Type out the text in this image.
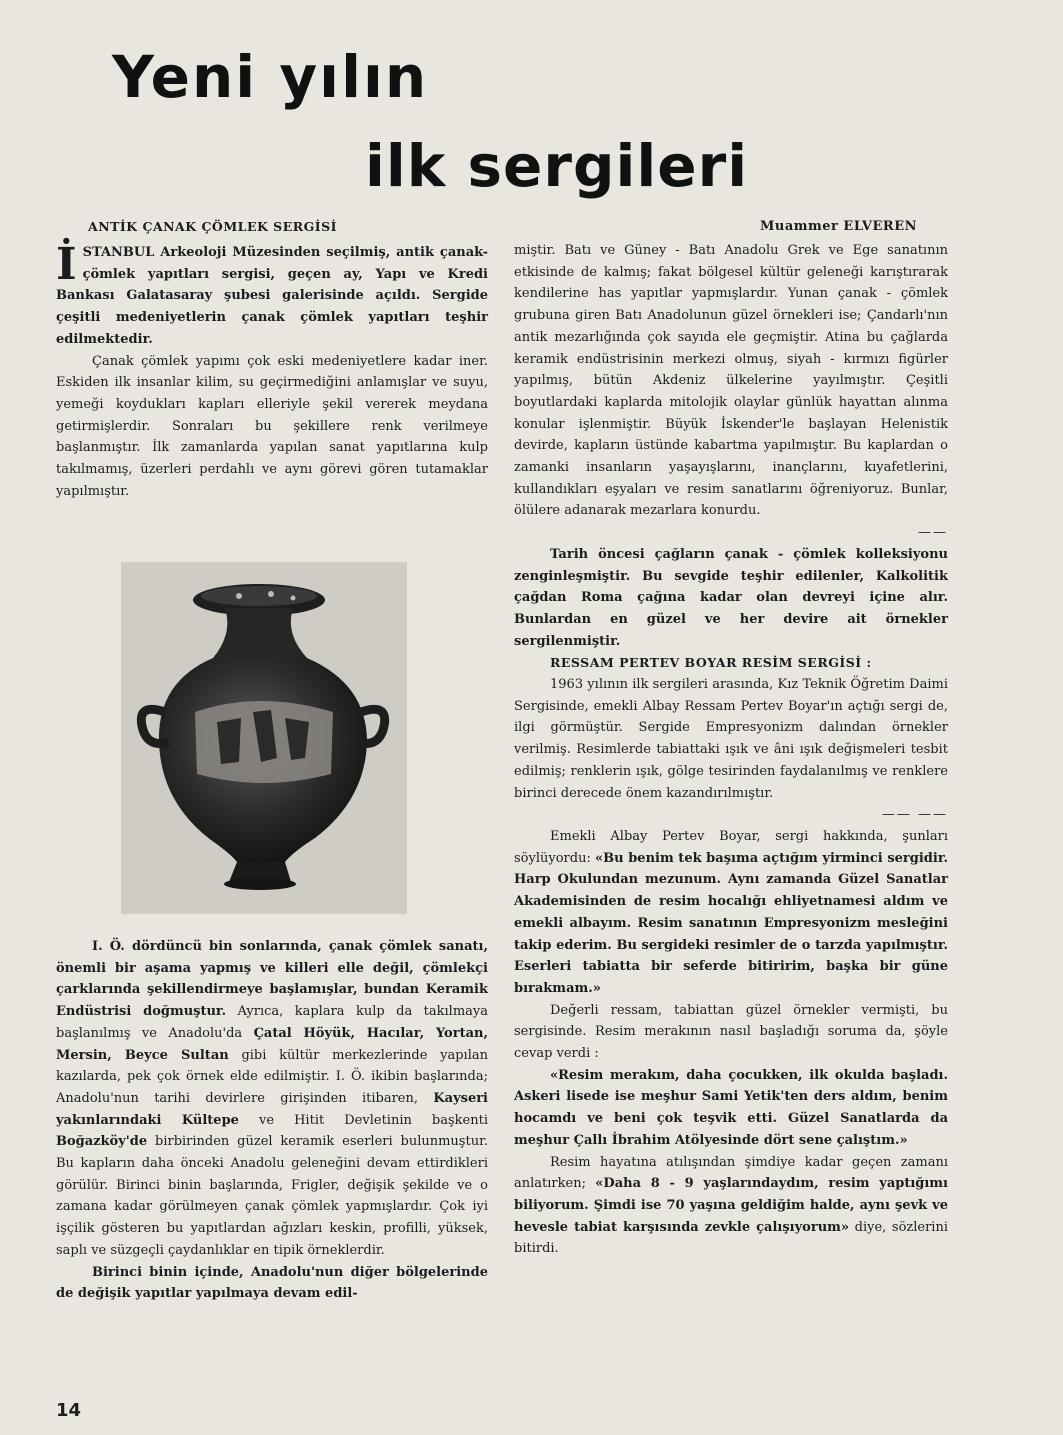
Yeni yılın
ilk sergileri
ANTİK ÇANAK ÇÖMLEK SERGİSİ	Muammer ELVEREN

İ STANBUL Arkeoloji Müzesinden seçilmiş, antik çanak-çömlek yapıtları sergisi, geçen ay, Yapı ve Kredi Bankası Galatasaray şubesi galerisinde açıldı. Sergide çeşitli medeniyetlerin çanak çömlek yapıtları teşhir edilmektedir.

Çanak çömlek yapımı çok eski medeniyetlere kadar iner. Eskiden ilk insanlar kilim, su geçirmediğini anlamışlar ve suyu, yemeği koydukları kapları elleriyle şekil vererek meydana getirmişlerdir. Sonraları bu şekillere renk verilmeye başlanmıştır. İlk zamanlarda yapılan sanat yapıtlarına kulp takılmamış, üzerleri perdahlı ve aynı görevi gören tutamaklar yapılmıştır.

I. Ö. dördüncü bin sonlarında, çanak çömlek sanatı, önemli bir aşama yapmış ve killeri elle değil, çömlekçi çarklarında şekillendirmeye başlamışlar, bundan Keramik Endüstrisi doğmuştur. Ayrıca, kaplara kulp da takılmaya başlanılmış ve Anadolu'da Çatal Höyük, Hacılar, Yortan, Mersin, Beyce Sultan gibi kültür merkezlerinde yapılan kazılarda, pek çok örnek elde edilmiştir. I. Ö. ikibin başlarında; Anadolu'nun tarihi devirlere girişinden itibaren, Kayseri yakınlarındaki Kültepe ve Hitit Devletinin başkenti Boğazköy'de birbirinden güzel keramik eserleri bulunmuştur. Bu kapların daha önceki Anadolu geleneğini devam ettirdikleri görülür. Birinci binin başlarında, Frigler, değişik şekilde ve o zamana kadar görülmeyen çanak çömlek yapmışlardır. Çok iyi işçilik gösteren bu yapıtlardan ağızları keskin, profilli, yüksek, saplı ve süzgeçli çaydanlıklar en tipik örneklerdir.

Birinci binin içinde, Anadolu'nun diğer bölgelerinde de değişik yapıtlar yapılmaya devam edil-

miştir. Batı ve Güney - Batı Anadolu Grek ve Ege sanatının etkisinde de kalmış; fakat bölgesel kültür geleneği karıştırarak kendilerine has yapıtlar yapmışlardır. Yunan çanak - çömlek grubuna giren Batı Anadolunun güzel örnekleri ise; Çandarlı'nın antik mezarlığında çok sayıda ele geçmiştir. Atina bu çağlarda keramik endüstrisinin merkezi olmuş, siyah - kırmızı figürler yapılmış, bütün Akdeniz ülkelerine yayılmıştır. Çeşitli boyutlardaki kaplarda mitolojik olaylar günlük hayattan alınma konular işlenmiştir. Büyük İskender'le başlayan Helenistik devirde, kapların üstünde kabartma yapılmıştır. Bu kaplardan o zamanki insanların yaşayışlarını, inançlarını, kıyafetlerini, kullandıkları eşyaları ve resim sanatlarını öğreniyoruz. Bunlar, ölülere adanarak mezarlara konurdu.

——

Tarih öncesi çağların çanak - çömlek kolleksiyonu zenginleşmiştir. Bu sevgide teşhir edilenler, Kalkolitik çağdan Roma çağına kadar olan devreyi içine alır. Bunlardan en güzel ve her devire ait örnekler sergilenmiştir.

RESSAM PERTEV BOYAR RESİM SERGİSİ :

1963 yılının ilk sergileri arasında, Kız Teknik Öğretim Daimi Sergisinde, emekli Albay Ressam Pertev Boyar'ın açtığı sergi de, ilgi görmüştür. Sergide Empresyonizm dalından örnekler verilmiş. Resimlerde tabiattaki ışık ve âni ışık değişmeleri tesbit edilmiş; renklerin ışık, gölge tesirinden faydalanılmış ve renklere birinci derecede önem kazandırılmıştır.

—— ——

Emekli Albay Pertev Boyar, sergi hakkında, şunları söylüyordu: «Bu benim tek başıma açtığım yirminci sergidir. Harp Okulundan mezunum. Aynı zamanda Güzel Sanatlar Akademisinden de resim hocalığı ehliyetnamesi aldım ve emekli albayım. Resim sanatının Empresyonizm mesleğini takip ederim. Bu sergideki resimler de o tarzda yapılmıştır. Eserleri tabiatta bir seferde bitiririm, başka bir güne bırakmam.»

Değerli ressam, tabiattan güzel örnekler vermişti, bu sergisinde. Resim merakının nasıl başladığı soruma da, şöyle cevap verdi :

«Resim merakım, daha çocukken, ilk okulda başladı. Askeri lisede ise meşhur Sami Yetik'ten ders aldım, benim hocamdı ve beni çok teşvik etti. Güzel Sanatlarda da meşhur Çallı İbrahim Atölyesinde dört sene çalıştım.»

Resim hayatına atılışından şimdiye kadar geçen zamanı anlatırken; «Daha 8 - 9 yaşlarındaydım, resim yaptığımı biliyorum. Şimdi ise 70 yaşına geldiğim halde, aynı şevk ve hevesle tabiat karşısında zevkle çalışıyorum» diye, sözlerini bitirdi.

14
